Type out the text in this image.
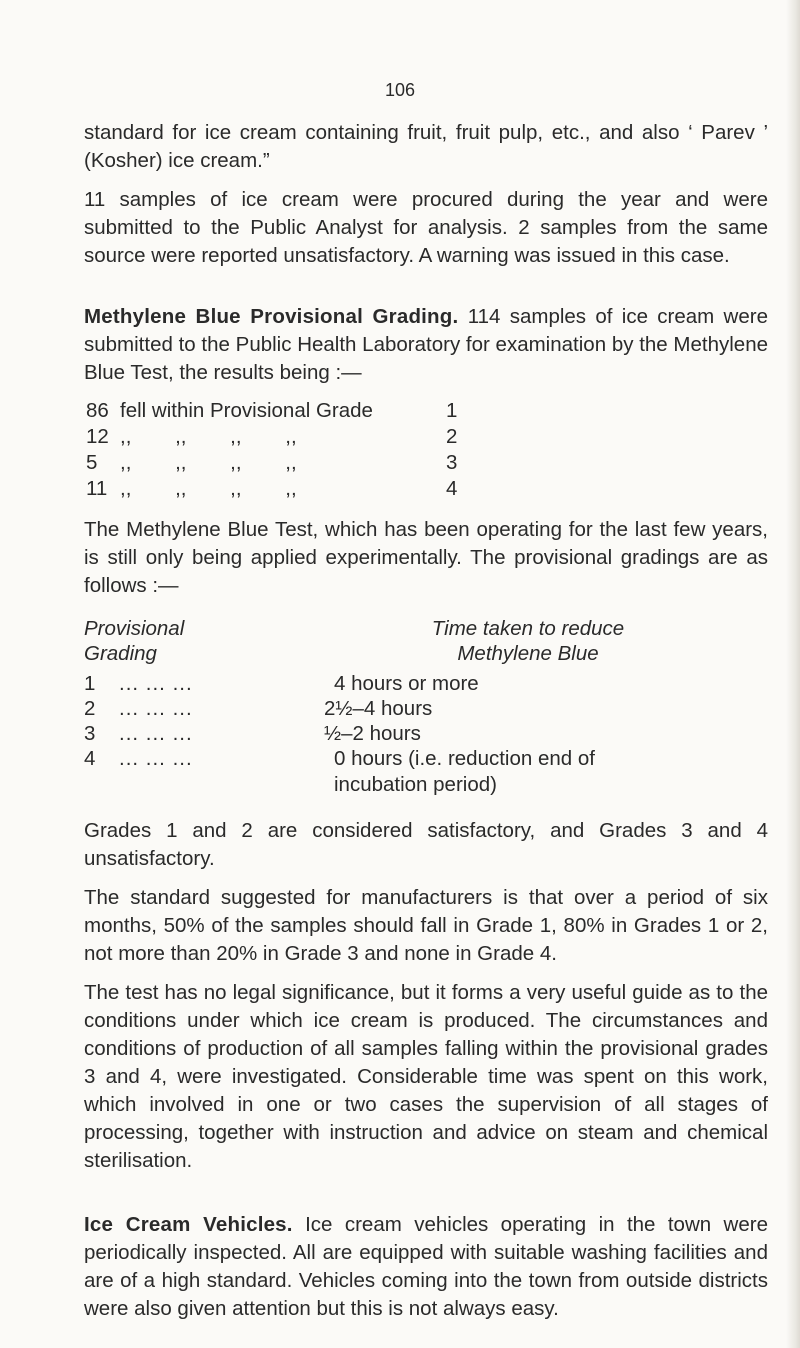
106

standard for ice cream containing fruit, fruit pulp, etc., and also ‘ Parev ’ (Kosher) ice cream.”

11 samples of ice cream were procured during the year and were submitted to the Public Analyst for analysis. 2 samples from the same source were reported unsatisfactory. A warning was issued in this case.

Methylene Blue Provisional Grading. 114 samples of ice cream were submitted to the Public Health Laboratory for examination by the Methylene Blue Test, the results being :—

86 fell within Provisional Grade	1
12 ,, ,, ,, ,,	2
5 ,, ,, ,, ,,	3
11 ,, ,, ,, ,,	4

The Methylene Blue Test, which has been operating for the last few years, is still only being applied experimentally. The provisional gradings are as follows :—

Provisional
Grading
Time taken to reduce
Methylene Blue
1 ... ... ...	4 hours or more
2 ... ... ...	2½–4 hours
3 ... ... ...	½–2 hours
4 ... ... ...	0 hours (i.e. reduction end of
incubation period)

Grades 1 and 2 are considered satisfactory, and Grades 3 and 4 unsatisfactory.

The standard suggested for manufacturers is that over a period of six months, 50% of the samples should fall in Grade 1, 80% in Grades 1 or 2, not more than 20% in Grade 3 and none in Grade 4.

The test has no legal significance, but it forms a very useful guide as to the conditions under which ice cream is produced. The circumstances and conditions of production of all samples falling within the provisional grades 3 and 4, were investigated. Considerable time was spent on this work, which involved in one or two cases the supervision of all stages of processing, together with instruction and advice on steam and chemical sterilisation.

Ice Cream Vehicles. Ice cream vehicles operating in the town were periodically inspected. All are equipped with suitable washing facilities and are of a high standard. Vehicles coming into the town from outside districts were also given attention but this is not always easy.
